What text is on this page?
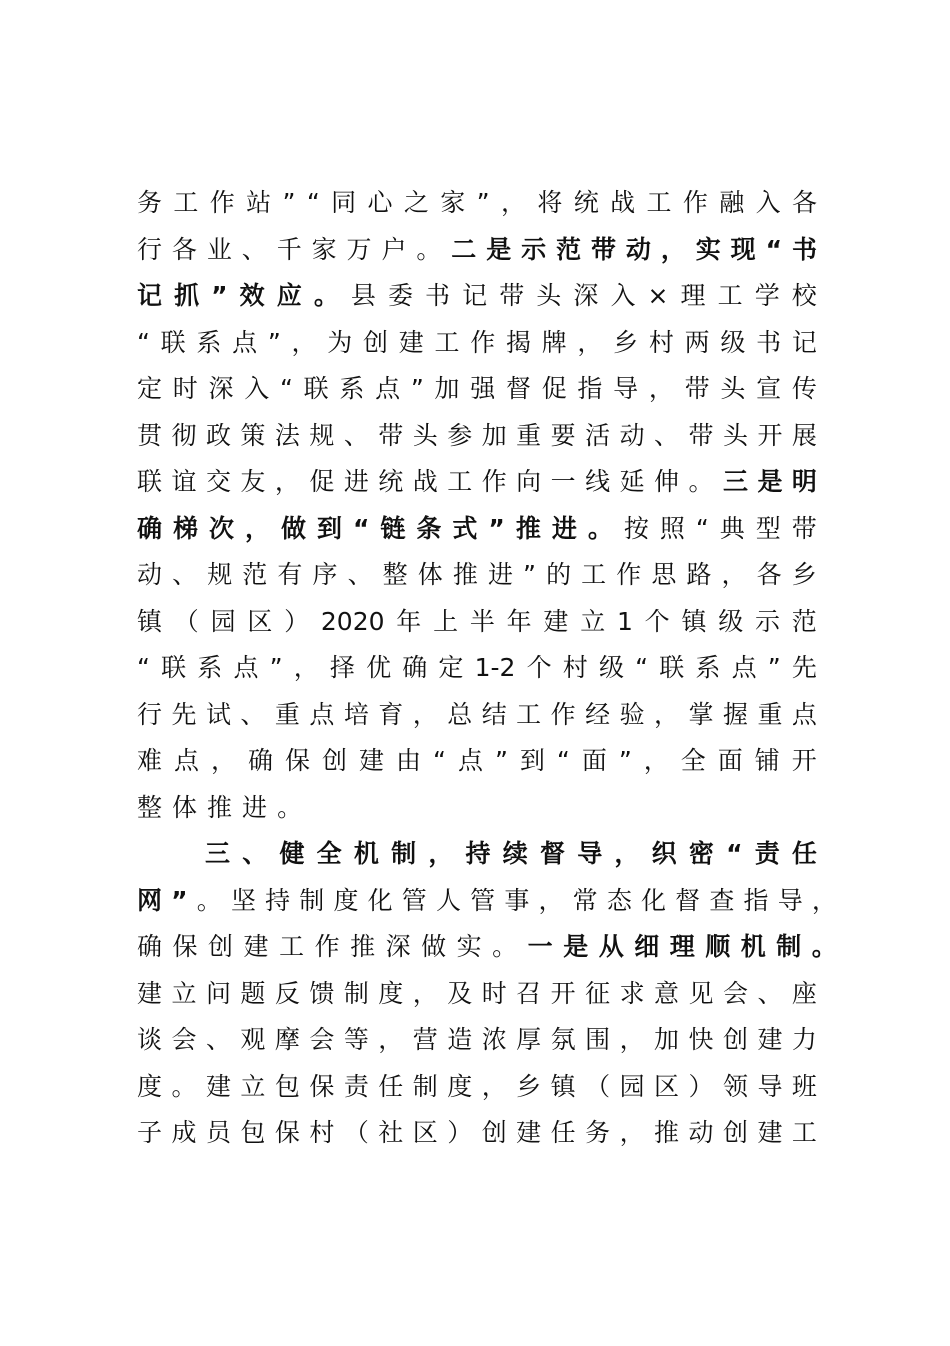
务 工 作 站 ” “ 同 心 之 家 ” ， 将 统 战 工 作 融 入 各
行 各 业 、 千 家 万 户 。 二 是 示 范 带 动 ， 实 现 “ 书
记 抓 ” 效 应 。 县 委 书 记 带 头 深 入 × 理 工 学 校
“ 联 系 点 ” ， 为 创 建 工 作 揭 牌 ， 乡 村 两 级 书 记
定 时 深 入 “ 联 系 点 ” 加 强 督 促 指 导 ， 带 头 宣 传
贯 彻 政 策 法 规 、 带 头 参 加 重 要 活 动 、 带 头 开 展
联 谊 交 友 ， 促 进 统 战 工 作 向 一 线 延 伸 。 三 是 明
确 梯 次 ， 做 到 “ 链 条 式 ” 推 进 。 按 照 “ 典 型 带
动 、 规 范 有 序 、 整 体 推 进 ” 的 工 作 思 路 ， 各 乡
镇 （ 园 区 ） 2020 年 上 半 年 建 立 1 个 镇 级 示 范
“ 联 系 点 ” ， 择 优 确 定 1-2 个 村 级 “ 联 系 点 ” 先
行 先 试 、 重 点 培 育 ， 总 结 工 作 经 验 ， 掌 握 重 点
难 点 ， 确 保 创 建 由 “ 点 ” 到 “ 面 ” ， 全 面 铺 开
整 体 推 进 。
三 、 健 全 机 制 ， 持 续 督 导 ， 织 密 “ 责 任
网 ” 。 坚 持 制 度 化 管 人 管 事 ， 常 态 化 督 查 指 导 ，
确 保 创 建 工 作 推 深 做 实 。 一 是 从 细 理 顺 机 制 。
建 立 问 题 反 馈 制 度 ， 及 时 召 开 征 求 意 见 会 、 座
谈 会 、 观 摩 会 等 ， 营 造 浓 厚 氛 围 ， 加 快 创 建 力
度 。 建 立 包 保 责 任 制 度 ， 乡 镇 （ 园 区 ） 领 导 班
子 成 员 包 保 村 （ 社 区 ） 创 建 任 务 ， 推 动 创 建 工
